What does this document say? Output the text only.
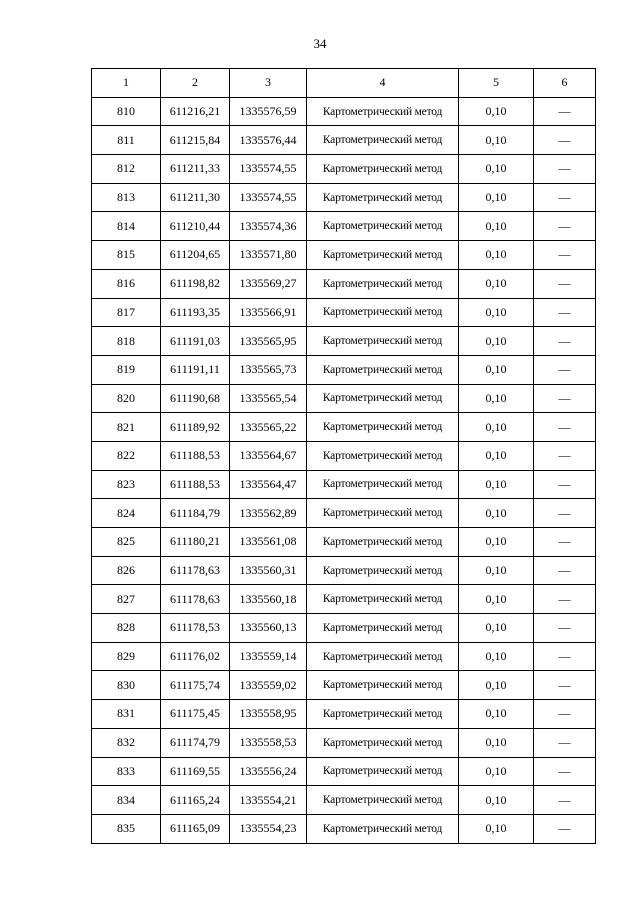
34
1	2	3	4	5	6
810	611216,21	1335576,59	Картометрический метод	0,10	—
811	611215,84	1335576,44	Картометрический метод	0,10	—
812	611211,33	1335574,55	Картометрический метод	0,10	—
813	611211,30	1335574,55	Картометрический метод	0,10	—
814	611210,44	1335574,36	Картометрический метод	0,10	—
815	611204,65	1335571,80	Картометрический метод	0,10	—
816	611198,82	1335569,27	Картометрический метод	0,10	—
817	611193,35	1335566,91	Картометрический метод	0,10	—
818	611191,03	1335565,95	Картометрический метод	0,10	—
819	611191,11	1335565,73	Картометрический метод	0,10	—
820	611190,68	1335565,54	Картометрический метод	0,10	—
821	611189,92	1335565,22	Картометрический метод	0,10	—
822	611188,53	1335564,67	Картометрический метод	0,10	—
823	611188,53	1335564,47	Картометрический метод	0,10	—
824	611184,79	1335562,89	Картометрический метод	0,10	—
825	611180,21	1335561,08	Картометрический метод	0,10	—
826	611178,63	1335560,31	Картометрический метод	0,10	—
827	611178,63	1335560,18	Картометрический метод	0,10	—
828	611178,53	1335560,13	Картометрический метод	0,10	—
829	611176,02	1335559,14	Картометрический метод	0,10	—
830	611175,74	1335559,02	Картометрический метод	0,10	—
831	611175,45	1335558,95	Картометрический метод	0,10	—
832	611174,79	1335558,53	Картометрический метод	0,10	—
833	611169,55	1335556,24	Картометрический метод	0,10	—
834	611165,24	1335554,21	Картометрический метод	0,10	—
835	611165,09	1335554,23	Картометрический метод	0,10	—
